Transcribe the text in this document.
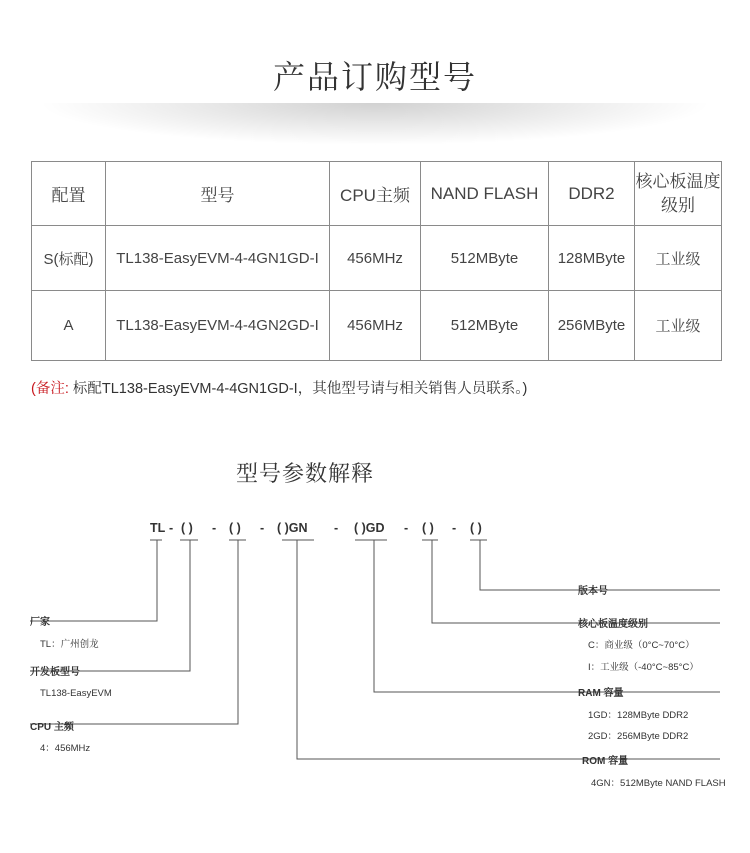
产品订购型号
配置	型号	CPU主频	NAND FLASH	DDR2	核心板温度级别
S(标配)	TL138-EasyEVM-4-4GN1GD-I	456MHz	512MByte	128MByte	工业级
A	TL138-EasyEVM-4-4GN2GD-I	456MHz	512MByte	256MByte	工业级
(备注: 标配TL138-EasyEVM-4-4GN1GD-I，其他型号请与相关销售人员联系。)
型号参数解释
TL - ( ) - ( ) - ( )GN - ( )GD - ( ) - ( )
厂家
TL：广州创龙
开发板型号
TL138-EasyEVM
CPU 主频
4：456MHz
版本号
核心板温度级别
C：商业级（0°C~70°C）
I：工业级（-40°C~85°C）
RAM 容量
1GD：128MByte DDR2
2GD：256MByte DDR2
ROM 容量
4GN：512MByte NAND FLASH
